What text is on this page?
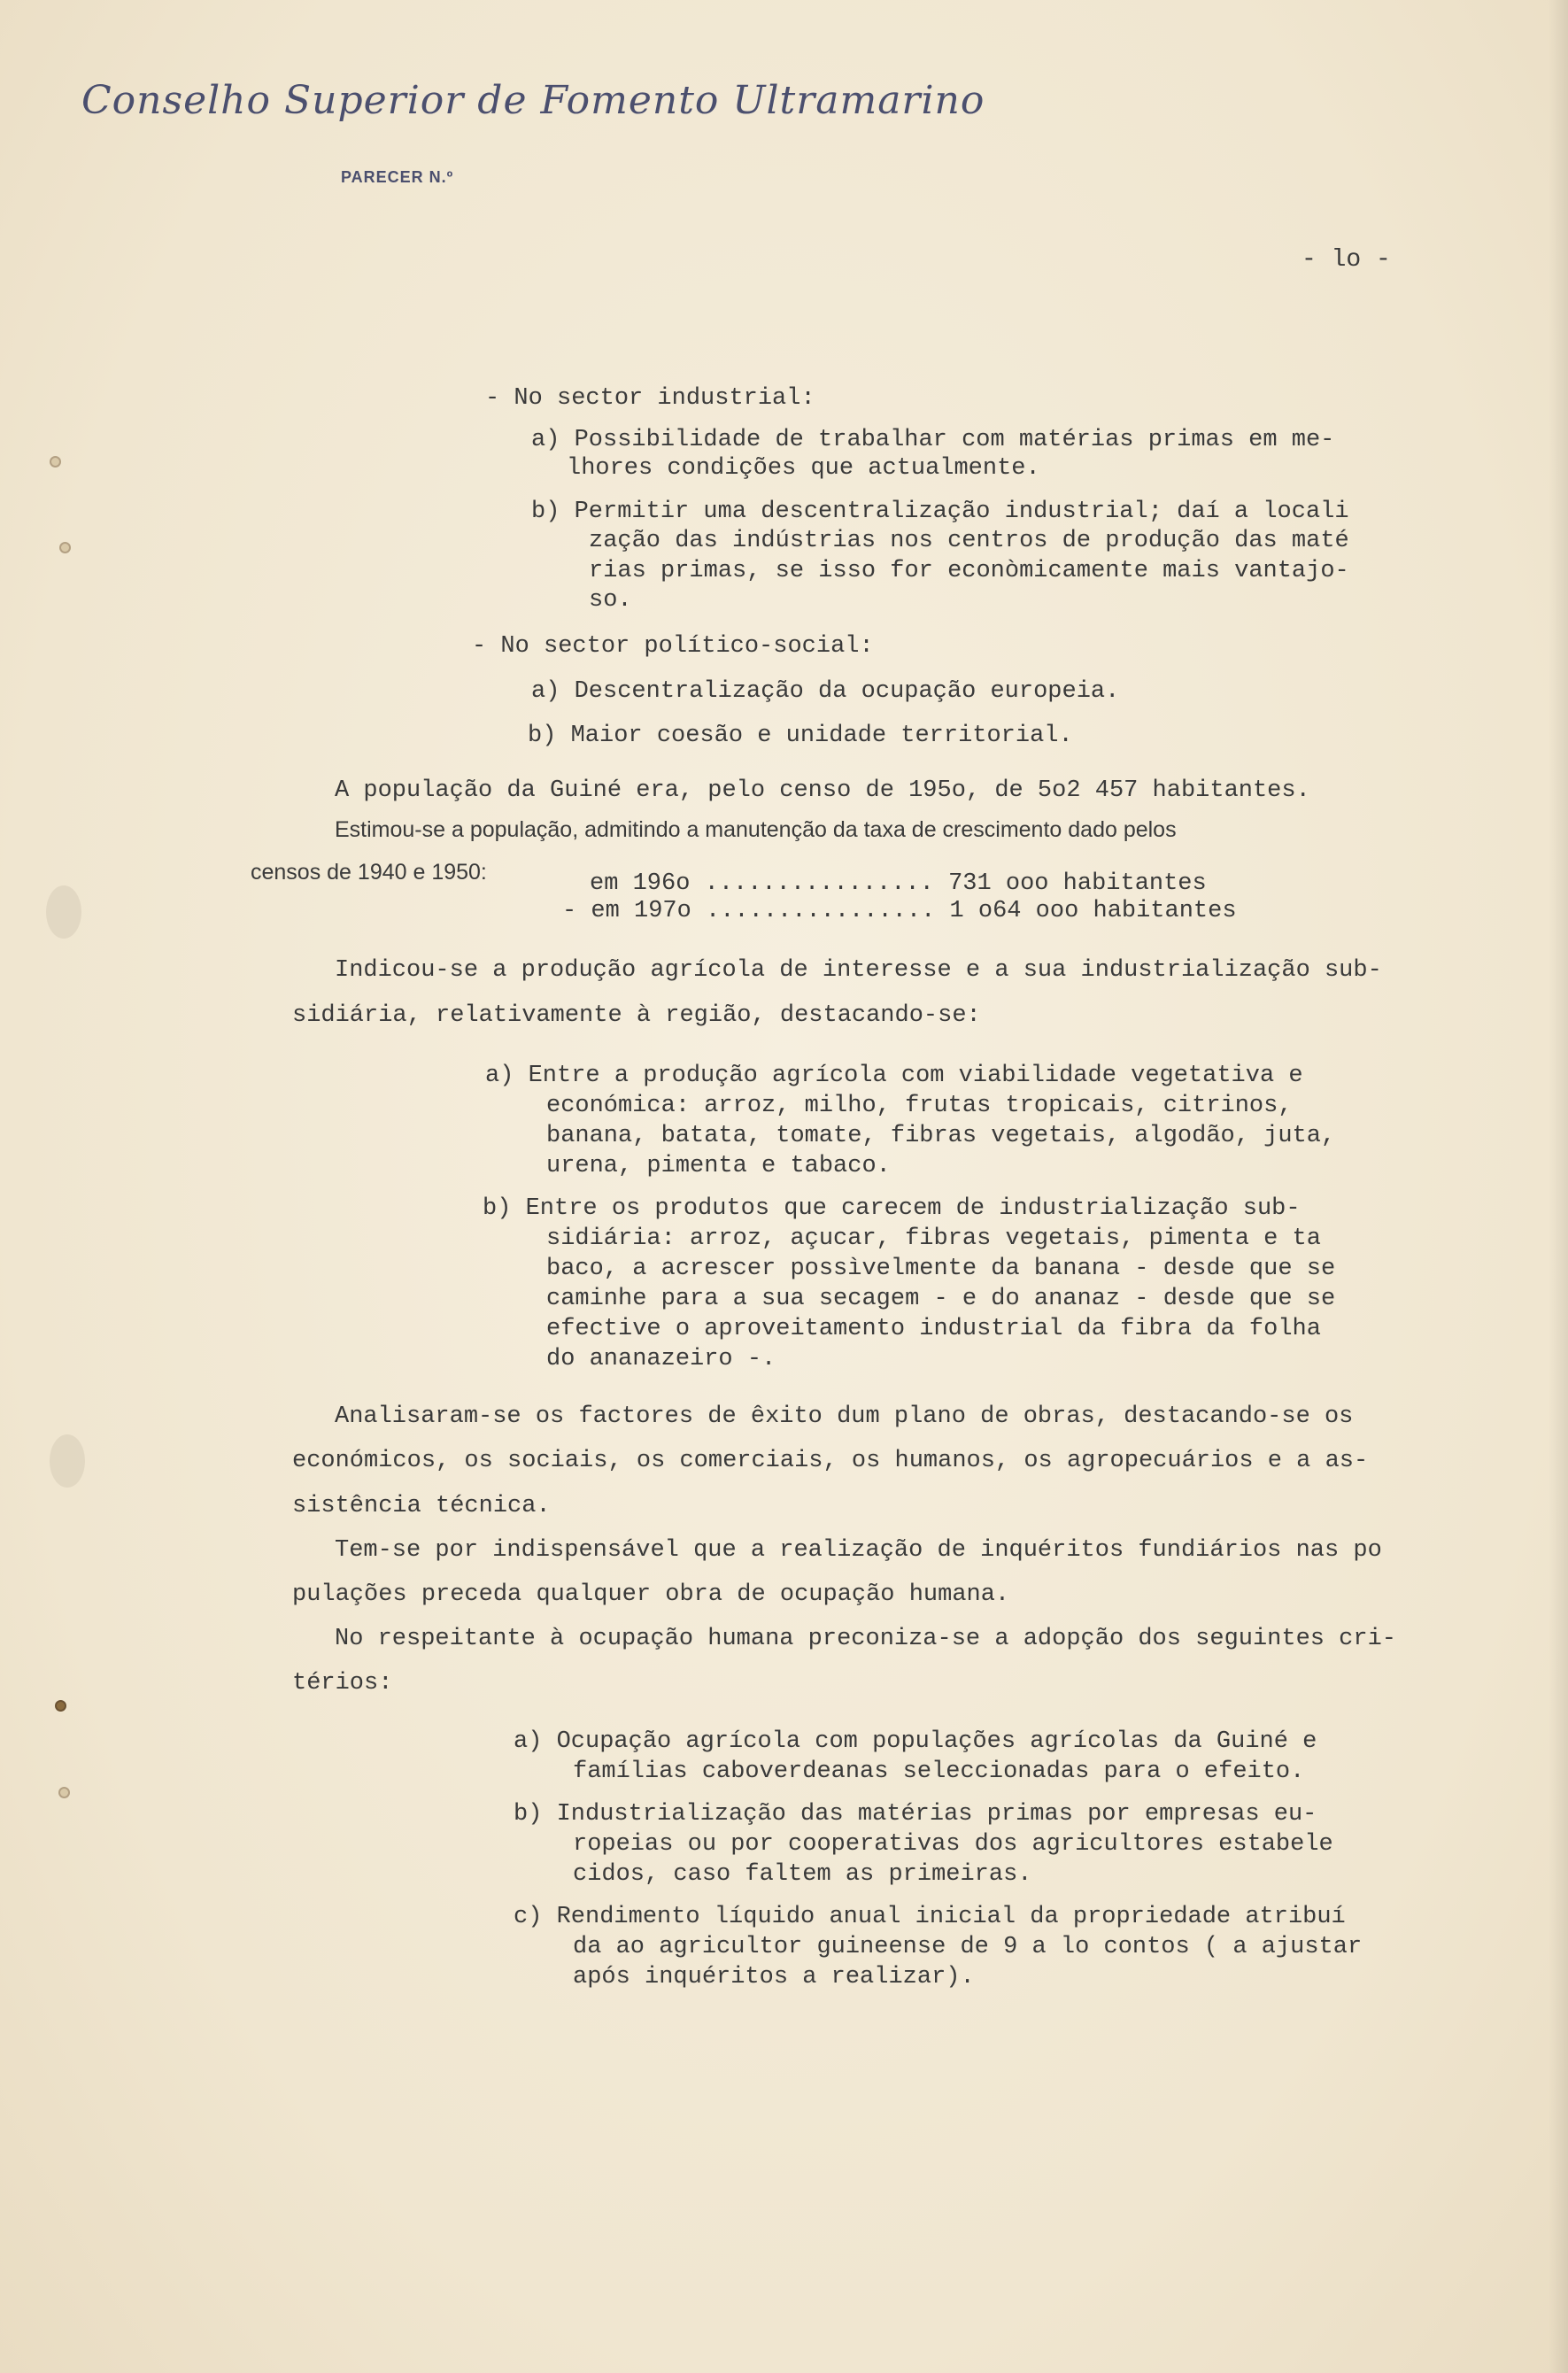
Conselho Superior de Fomento Ultramarino
PARECER N.º
- lo -
- No sector industrial:
a) Possibilidade de trabalhar com matérias primas em me-
lhores condições que actualmente.
b) Permitir uma descentralização industrial; daí a locali
zação das indústrias nos centros de produção das maté
rias primas, se isso for econòmicamente mais vantajo-
so.
- No sector político-social:
a) Descentralização da ocupação europeia.
b) Maior coesão e unidade territorial.
A população da Guiné era, pelo censo de 195o, de 5o2 457 habitantes.
Estimou-se a população, admitindo a manutenção da taxa de crescimento dado pelos
censos de 1940 e 1950:	em 196o ................ 731 ooo habitantes
- em 197o ................ 1 o64 ooo habitantes
Indicou-se a produção agrícola de interesse e a sua industrialização sub-
sidiária, relativamente à região, destacando-se:
a) Entre a produção agrícola com viabilidade vegetativa e
económica: arroz, milho, frutas tropicais, citrinos,
banana, batata, tomate, fibras vegetais, algodão, juta,
urena, pimenta e tabaco.
b) Entre os produtos que carecem de industrialização sub-
sidiária: arroz, açucar, fibras vegetais, pimenta e ta
baco, a acrescer possìvelmente da banana - desde que se
caminhe para a sua secagem - e do ananaz - desde que se
efective o aproveitamento industrial da fibra da folha
do ananazeiro -.
Analisaram-se os factores de êxito dum plano de obras, destacando-se os
económicos, os sociais, os comerciais, os humanos, os agropecuários e a as-
sistência técnica.
Tem-se por indispensável que a realização de inquéritos fundiários nas po
pulações preceda qualquer obra de ocupação humana.
No respeitante à ocupação humana preconiza-se a adopção dos seguintes cri-
térios:
a) Ocupação agrícola com populações agrícolas da Guiné e
famílias caboverdeanas seleccionadas para o efeito.
b) Industrialização das matérias primas por empresas eu-
ropeias ou por cooperativas dos agricultores estabele
cidos, caso faltem as primeiras.
c) Rendimento líquido anual inicial da propriedade atribuí
da ao agricultor guineense de 9 a lo contos ( a ajustar
após inquéritos a realizar).
